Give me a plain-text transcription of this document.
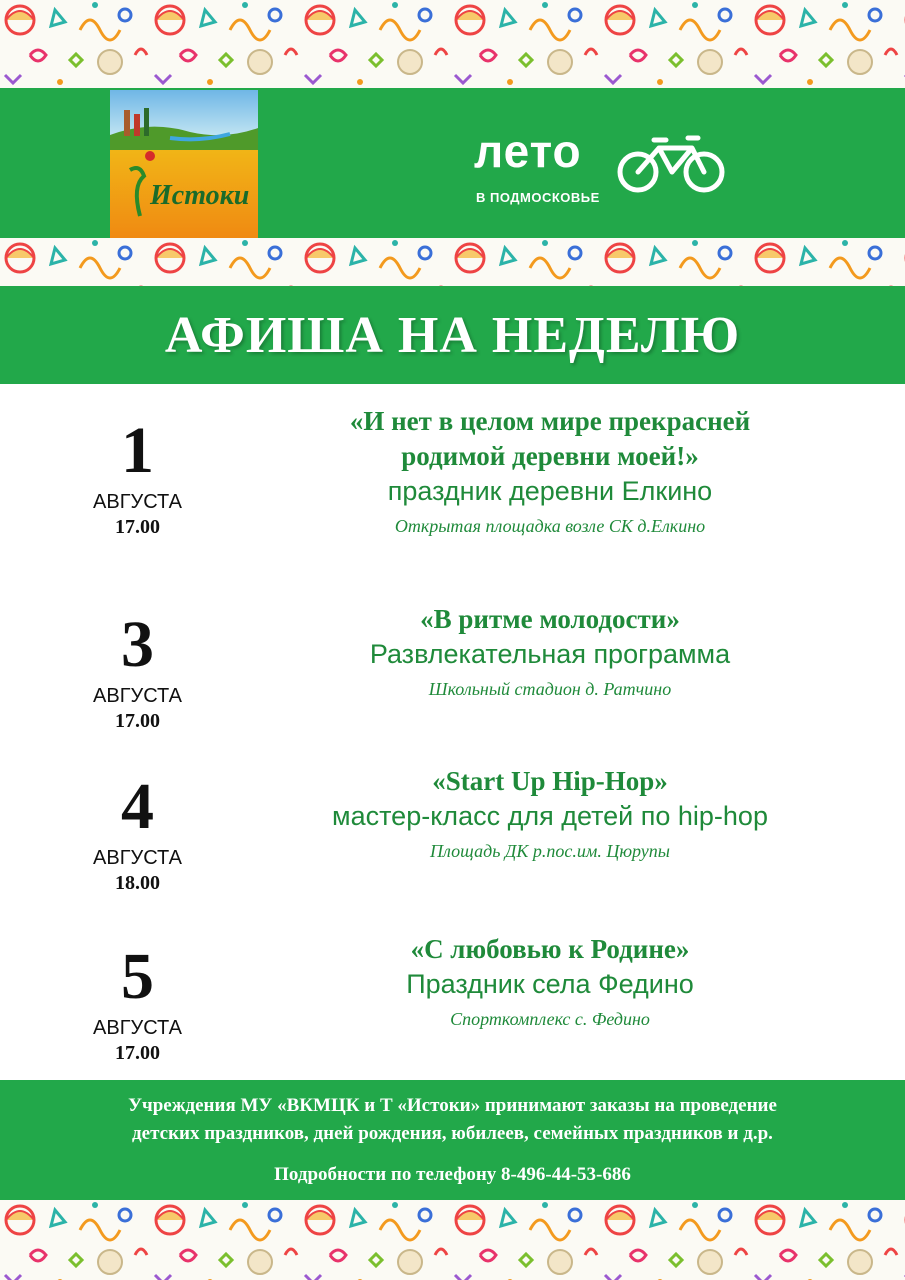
Истоки
лето
В ПОДМОСКОВЬЕ
АФИША НА НЕДЕЛЮ
1
АВГУСТА
17.00
«И нет в целом мире прекрасней
родимой деревни моей!»
праздник деревни Елкино
Открытая площадка возле СК д.Елкино
3
АВГУСТА
17.00
«В ритме молодости»
Развлекательная программа
Школьный стадион д. Ратчино
4
АВГУСТА
18.00
«Start Up Hip-Hop»
мастер-класс для детей по hip-hop
Площадь ДК р.пос.им. Цюрупы
5
АВГУСТА
17.00
«С любовью к Родине»
Праздник села Федино
Спорткомплекс с. Федино

Учреждения МУ «ВКМЦК и Т «Истоки» принимают заказы на проведение

детских праздников, дней рождения, юбилеев, семейных праздников и д.р.

Подробности по телефону 8-496-44-53-686
